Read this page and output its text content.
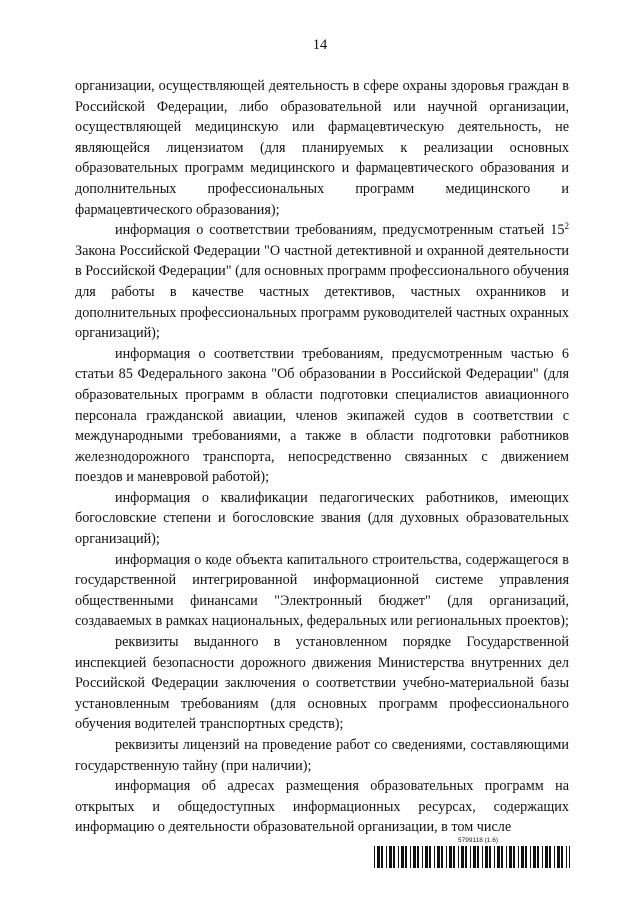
14

организации, осуществляющей деятельность в сфере охраны здоровья граждан в Российской Федерации, либо образовательной или научной организации, осуществляющей медицинскую или фармацевтическую деятельность, не являющейся лицензиатом (для планируемых к реализации основных образовательных программ медицинского и фармацевтического образования и дополнительных профессиональных программ медицинского и фармацевтического образования);

информация о соответствии требованиям, предусмотренным статьей $15^2$ Закона Российской Федерации "О частной детективной и охранной деятельности в Российской Федерации" (для основных программ профессионального обучения для работы в качестве частных детективов, частных охранников и дополнительных профессиональных программ руководителей частных охранных организаций);

информация о соответствии требованиям, предусмотренным частью 6 статьи 85 Федерального закона "Об образовании в Российской Федерации" (для образовательных программ в области подготовки специалистов авиационного персонала гражданской авиации, членов экипажей судов в соответствии с международными требованиями, а также в области подготовки работников железнодорожного транспорта, непосредственно связанных с движением поездов и маневровой работой);

информация о квалификации педагогических работников, имеющих богословские степени и богословские звания (для духовных образовательных организаций);

информация о коде объекта капитального строительства, содержащегося в государственной интегрированной информационной системе управления общественными финансами "Электронный бюджет" (для организаций, создаваемых в рамках национальных, федеральных или региональных проектов);

реквизиты выданного в установленном порядке Государственной инспекцией безопасности дорожного движения Министерства внутренних дел Российской Федерации заключения о соответствии учебно-материальной базы установленным требованиям (для основных программ профессионального обучения водителей транспортных средств);

реквизиты лицензий на проведение работ со сведениями, составляющими государственную тайну (при наличии);

информация об адресах размещения образовательных программ на открытых и общедоступных информационных ресурсах, содержащих информацию о деятельности образовательной организации, в том числе

5799118 (1.6)
